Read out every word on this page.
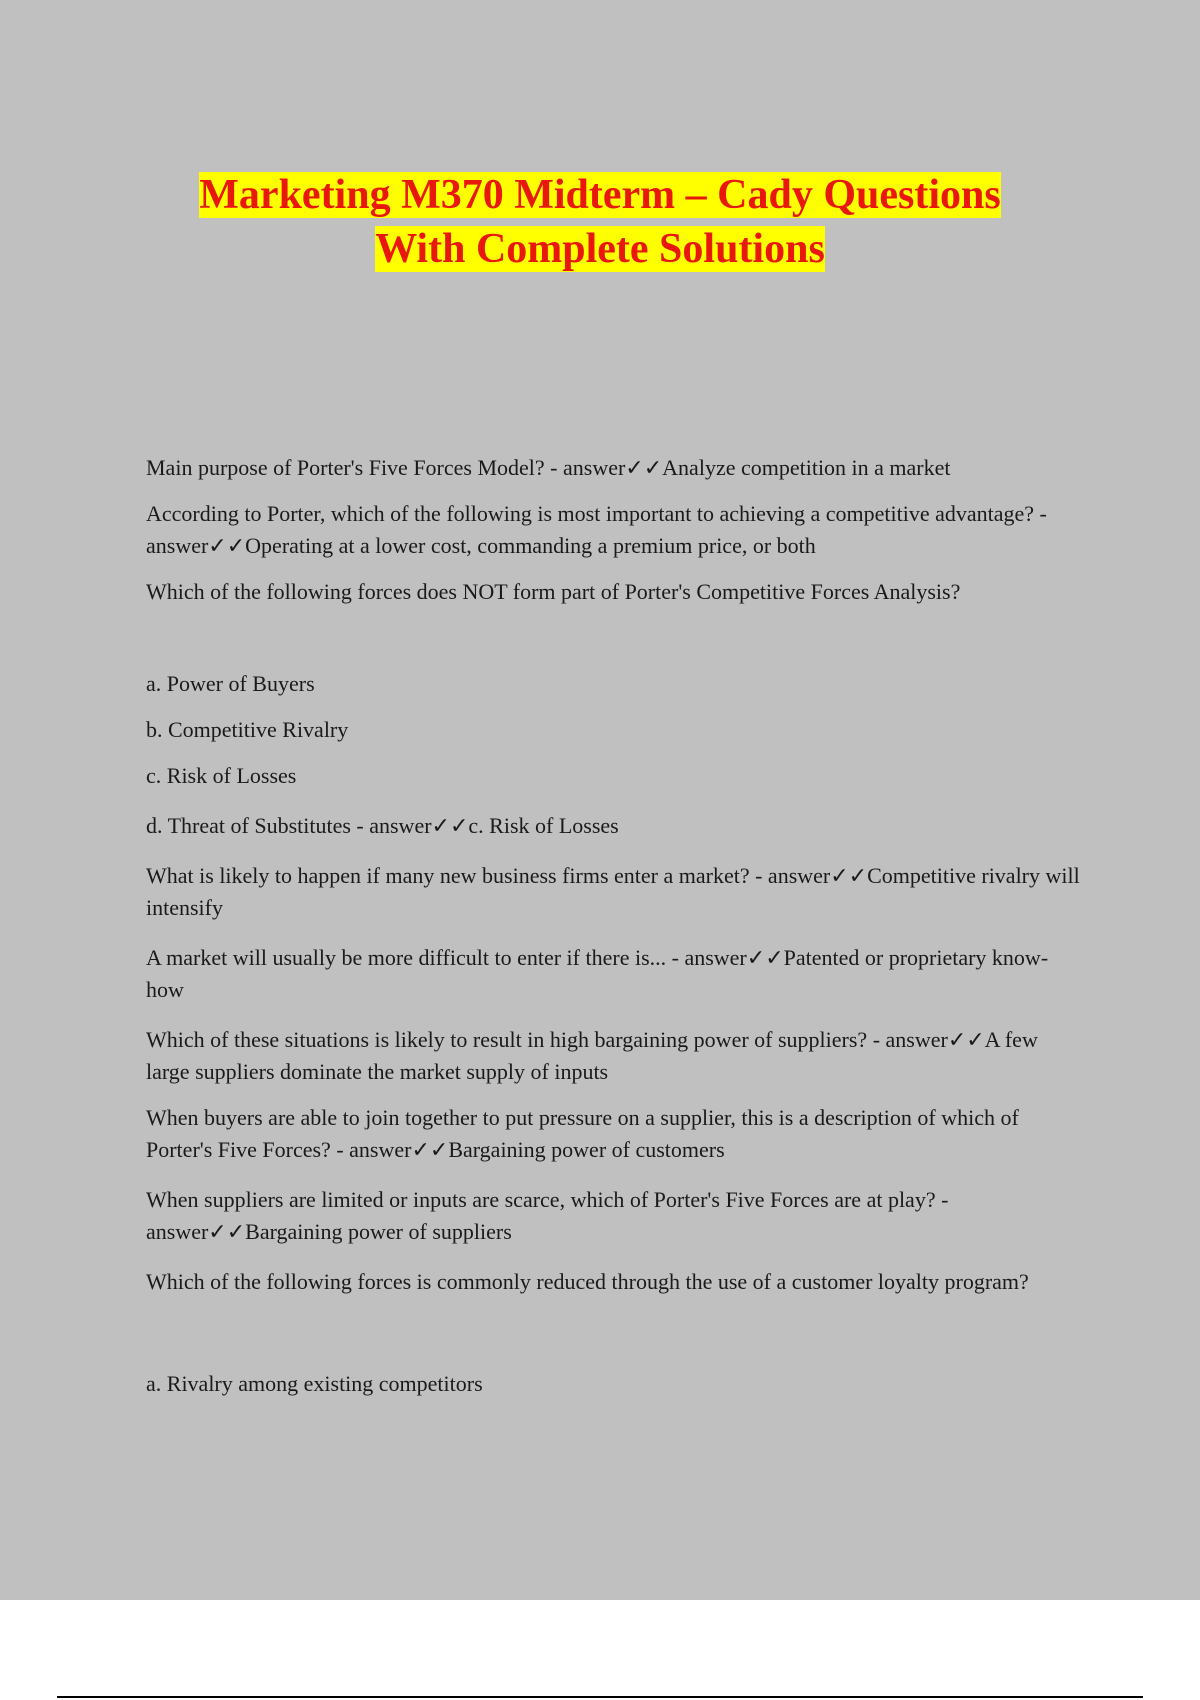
Marketing M370 Midterm – Cady Questions
With Complete Solutions

Main purpose of Porter's Five Forces Model? - answer✓✓Analyze competition in a market

According to Porter, which of the following is most important to achieving a competitive advantage? - answer✓✓Operating at a lower cost, commanding a premium price, or both

Which of the following forces does NOT form part of Porter's Competitive Forces Analysis?

a. Power of Buyers

b. Competitive Rivalry

c. Risk of Losses

d. Threat of Substitutes - answer✓✓c. Risk of Losses

What is likely to happen if many new business firms enter a market? - answer✓✓Competitive rivalry will intensify

A market will usually be more difficult to enter if there is... - answer✓✓Patented or proprietary know-how

Which of these situations is likely to result in high bargaining power of suppliers? - answer✓✓A few large suppliers dominate the market supply of inputs

When buyers are able to join together to put pressure on a supplier, this is a description of which of Porter's Five Forces? - answer✓✓Bargaining power of customers

When suppliers are limited or inputs are scarce, which of Porter's Five Forces are at play? - answer✓✓Bargaining power of suppliers

Which of the following forces is commonly reduced through the use of a customer loyalty program?

a. Rivalry among existing competitors
